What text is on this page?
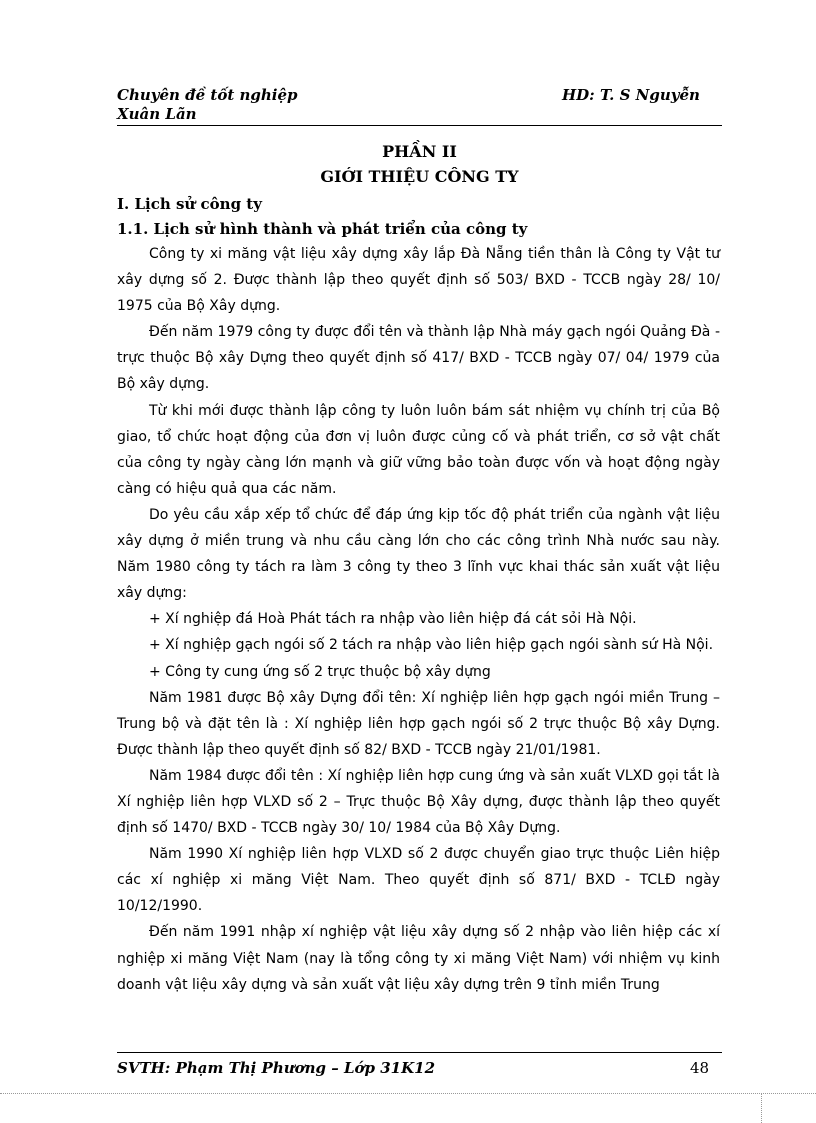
Chuyên đề tốt nghiệp
Xuân Lãn
HD: T. S Nguyễn
PHẦN II
GIỚI THIỆU CÔNG TY
I. Lịch sử công ty
1.1. Lịch sử hình thành và phát triển của công ty

Công ty xi măng vật liệu xây dựng xây lắp Đà Nẵng tiền thân là Công ty Vật tư xây dựng số 2. Được thành lập theo quyết định số 503/ BXD - TCCB ngày 28/ 10/ 1975 của Bộ Xây dựng.

Đến năm 1979 công ty được đổi tên và thành lập Nhà máy gạch ngói Quảng Đà - trực thuộc Bộ xây Dựng theo quyết định số 417/ BXD - TCCB ngày 07/ 04/ 1979 của Bộ xây dựng.

Từ khi mới được thành lập công ty luôn luôn bám sát nhiệm vụ chính trị của Bộ giao, tổ chức hoạt động của đơn vị luôn được củng cố và phát triển, cơ sở vật chất của công ty ngày càng lớn mạnh và giữ vững bảo toàn được vốn và hoạt động ngày càng có hiệu quả qua các năm.

Do yêu cầu xắp xếp tổ chức để đáp ứng kịp tốc độ phát triển của ngành vật liệu xây dựng ở miền trung và nhu cầu càng lớn cho các công trình Nhà nước sau này. Năm 1980 công ty tách ra làm 3 công ty theo 3 lĩnh vực khai thác sản xuất vật liệu xây dựng:

+ Xí nghiệp đá Hoà Phát tách ra nhập vào liên hiệp đá cát sỏi Hà Nội.

+ Xí nghiệp gạch ngói số 2 tách ra nhập vào liên hiệp gạch ngói sành sứ Hà Nội.

+ Công ty cung ứng số 2 trực thuộc bộ xây dựng

Năm 1981 được Bộ xây Dựng đổi tên: Xí nghiệp liên hợp gạch ngói miền Trung – Trung bộ và đặt tên là : Xí nghiệp liên hợp gạch ngói số 2 trực thuộc Bộ xây Dựng. Được thành lập theo quyết định số 82/ BXD - TCCB ngày 21/01/1981.

Năm 1984 được đổi tên : Xí nghiệp liên hợp cung ứng và sản xuất VLXD gọi tắt là Xí nghiệp liên hợp VLXD số 2 – Trực thuộc Bộ Xây dựng, được thành lập theo quyết định số 1470/ BXD - TCCB ngày 30/ 10/ 1984 của Bộ Xây Dựng.

Năm 1990 Xí nghiệp liên hợp VLXD số 2 được chuyển giao trực thuộc Liên hiệp các xí nghiệp xi măng Việt Nam. Theo quyết định số 871/ BXD - TCLĐ ngày 10/12/1990.

Đến năm 1991 nhập xí nghiệp vật liệu xây dựng số 2 nhập vào liên hiệp các xí nghiệp xi măng Việt Nam (nay là tổng công ty xi măng Việt Nam) với nhiệm vụ kinh doanh vật liệu xây dựng và sản xuất vật liệu xây dựng trên 9 tỉnh miền Trung

SVTH: Phạm Thị Phương – Lớp 31K12	48
